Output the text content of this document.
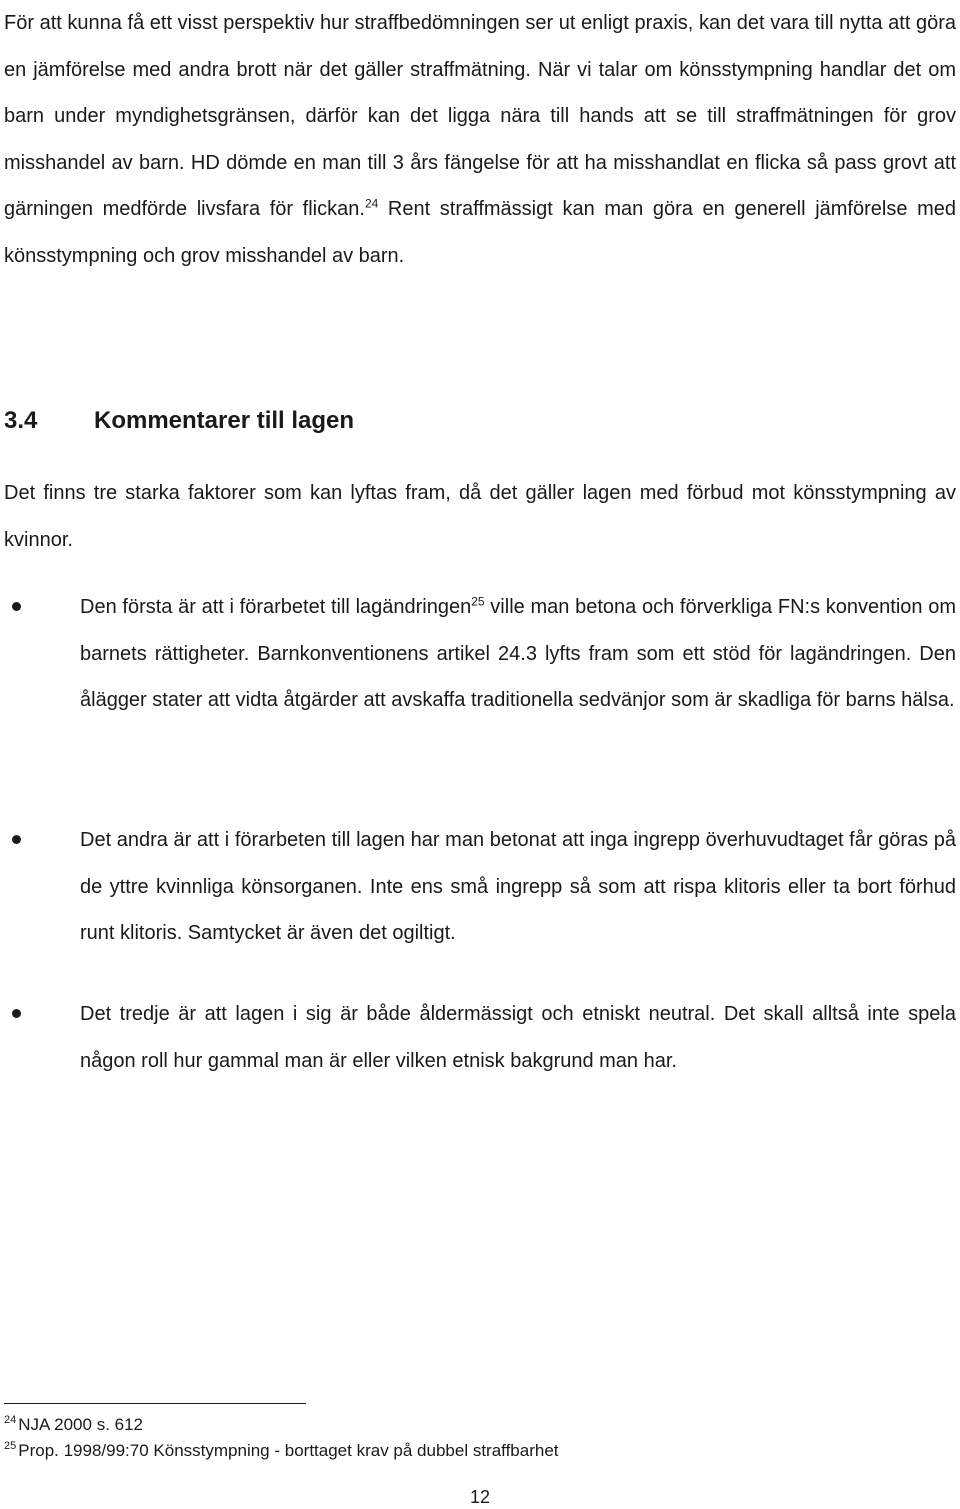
För att kunna få ett visst perspektiv hur straffbedömningen ser ut enligt praxis, kan det vara till nytta att göra en jämförelse med andra brott när det gäller straffmätning. När vi talar om könsstympning handlar det om barn under myndighetsgränsen, därför kan det ligga nära till hands att se till straffmätningen för grov misshandel av barn. HD dömde en man till 3 års fängelse för att ha misshandlat en flicka så pass grovt att gärningen medförde livsfara för flickan.$^{24}$ Rent straffmässigt kan man göra en generell jämförelse med könsstympning och grov misshandel av barn.

3.4 Kommentarer till lagen

Det finns tre starka faktorer som kan lyftas fram, då det gäller lagen med förbud mot könsstympning av kvinnor.

Den första är att i förarbetet till lagändringen$^{25}$ ville man betona och förverkliga FN:s konvention om barnets rättigheter. Barnkonventionens artikel 24.3 lyfts fram som ett stöd för lagändringen. Den ålägger stater att vidta åtgärder att avskaffa traditionella sedvänjor som är skadliga för barns hälsa.

Det andra är att i förarbeten till lagen har man betonat att inga ingrepp överhuvudtaget får göras på de yttre kvinnliga könsorganen. Inte ens små ingrepp så som att rispa klitoris eller ta bort förhud runt klitoris. Samtycket är även det ogiltigt.

Det tredje är att lagen i sig är både åldermässigt och etniskt neutral. Det skall alltså inte spela någon roll hur gammal man är eller vilken etnisk bakgrund man har.

$^{24}$ NJA 2000 s. 612

$^{25}$ Prop. 1998/99:70 Könsstympning - borttaget krav på dubbel straffbarhet

12
